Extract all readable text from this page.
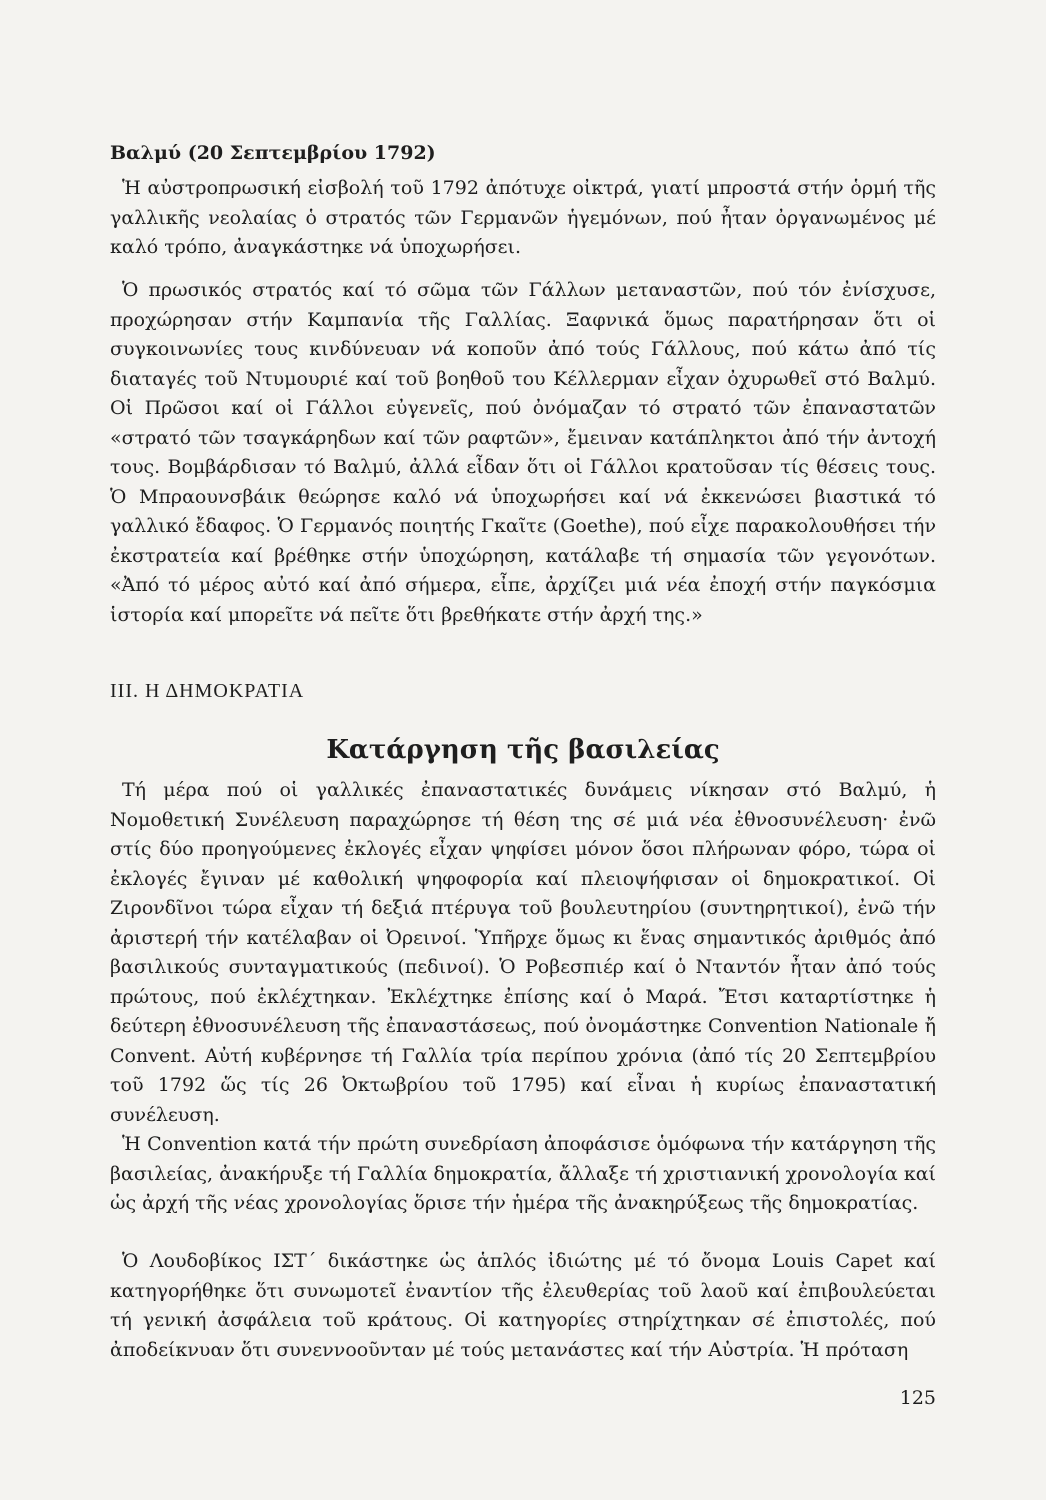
Βαλμύ (20 Σεπτεμβρίου 1792)

Ἡ αὐστροπρωσική εἰσβολή τοῦ 1792 ἀπότυχε οἰκτρά, γιατί μπροστά στήν ὁρμή τῆς γαλλικῆς νεολαίας ὁ στρατός τῶν Γερμανῶν ἡγεμόνων, πού ἦταν ὀργανωμένος μέ καλό τρόπο, ἀναγκάστηκε νά ὑποχωρήσει.

Ὁ πρωσικός στρατός καί τό σῶμα τῶν Γάλλων μεταναστῶν, πού τόν ἐνίσχυσε, προχώρησαν στήν Καμπανία τῆς Γαλλίας. Ξαφνικά ὅμως παρατήρησαν ὅτι οἱ συγκοινωνίες τους κινδύνευαν νά κοποῦν ἀπό τούς Γάλλους, πού κάτω ἀπό τίς διαταγές τοῦ Ντυμουριέ καί τοῦ βοηθοῦ του Κέλλερμαν εἶχαν ὀχυρωθεῖ στό Βαλμύ. Οἱ Πρῶσοι καί οἱ Γάλλοι εὐγενεῖς, πού ὀνόμαζαν τό στρατό τῶν ἐπαναστατῶν «στρατό τῶν τσαγκάρηδων καί τῶν ραφτῶν», ἔμειναν κατάπληκτοι ἀπό τήν ἀντοχή τους. Βομβάρδισαν τό Βαλμύ, ἀλλά εἶδαν ὅτι οἱ Γάλλοι κρατοῦσαν τίς θέσεις τους. Ὁ Μπραουνσβάικ θεώρησε καλό νά ὑποχωρήσει καί νά ἐκκενώσει βιαστικά τό γαλλικό ἔδαφος. Ὁ Γερμανός ποιητής Γκαῖτε (Goethe), πού εἶχε παρακολουθήσει τήν ἐκστρατεία καί βρέθηκε στήν ὑποχώρηση, κατάλαβε τή σημασία τῶν γεγονότων. «Ἀπό τό μέρος αὐτό καί ἀπό σήμερα, εἶπε, ἀρχίζει μιά νέα ἐποχή στήν παγκόσμια ἱστορία καί μπορεῖτε νά πεῖτε ὅτι βρεθήκατε στήν ἀρχή της.»

III. Η ΔΗΜΟΚΡΑΤΙΑ
Κατάργηση τῆς βασιλείας

Τή μέρα πού οἱ γαλλικές ἐπαναστατικές δυνάμεις νίκησαν στό Βαλμύ, ἡ Νομοθετική Συνέλευση παραχώρησε τή θέση της σέ μιά νέα ἐθνοσυνέλευση· ἐνῶ στίς δύο προηγούμενες ἐκλογές εἶχαν ψηφίσει μόνον ὅσοι πλήρωναν φόρο, τώρα οἱ ἐκλογές ἔγιναν μέ καθολική ψηφοφορία καί πλειοψήφισαν οἱ δημοκρατικοί. Οἱ Ζιρονδῖνοι τώρα εἶχαν τή δεξιά πτέρυγα τοῦ βουλευτηρίου (συντηρητικοί), ἐνῶ τήν ἀριστερή τήν κατέλαβαν οἱ Ὀρεινοί. Ὑπῆρχε ὅμως κι ἕνας σημαντικός ἀριθμός ἀπό βασιλικούς συνταγματικούς (πεδινοί). Ὁ Ροβεσπιέρ καί ὁ Νταντόν ἦταν ἀπό τούς πρώτους, πού ἐκλέχτηκαν. Ἐκλέχτηκε ἐπίσης καί ὁ Μαρά. Ἔτσι καταρτίστηκε ἡ δεύτερη ἐθνοσυνέλευση τῆς ἐπαναστάσεως, πού ὀνομάστηκε Convention Nationale ἤ Convent. Αὐτή κυβέρνησε τή Γαλλία τρία περίπου χρόνια (ἀπό τίς 20 Σεπτεμβρίου τοῦ 1792 ὥς τίς 26 Ὀκτωβρίου τοῦ 1795) καί εἶναι ἡ κυρίως ἐπαναστατική συνέλευση.

Ἡ Convention κατά τήν πρώτη συνεδρίαση ἀποφάσισε ὁμόφωνα τήν κατάργηση τῆς βασιλείας, ἀνακήρυξε τή Γαλλία δημοκρατία, ἄλλαξε τή χριστιανική χρονολογία καί ὡς ἀρχή τῆς νέας χρονολογίας ὅρισε τήν ἡμέρα τῆς ἀνακηρύξεως τῆς δημοκρατίας.

Ὁ Λουδοβίκος ΙΣΤ΄ δικάστηκε ὡς ἁπλός ἰδιώτης μέ τό ὄνομα Louis Capet καί κατηγορήθηκε ὅτι συνωμοτεῖ ἐναντίον τῆς ἐλευθερίας τοῦ λαοῦ καί ἐπιβουλεύεται τή γενική ἀσφάλεια τοῦ κράτους. Οἱ κατηγορίες στηρίχτηκαν σέ ἐπιστολές, πού ἀποδείκνυαν ὅτι συνεννοοῦνταν μέ τούς μετανάστες καί τήν Αὐστρία. Ἡ πρόταση

125
